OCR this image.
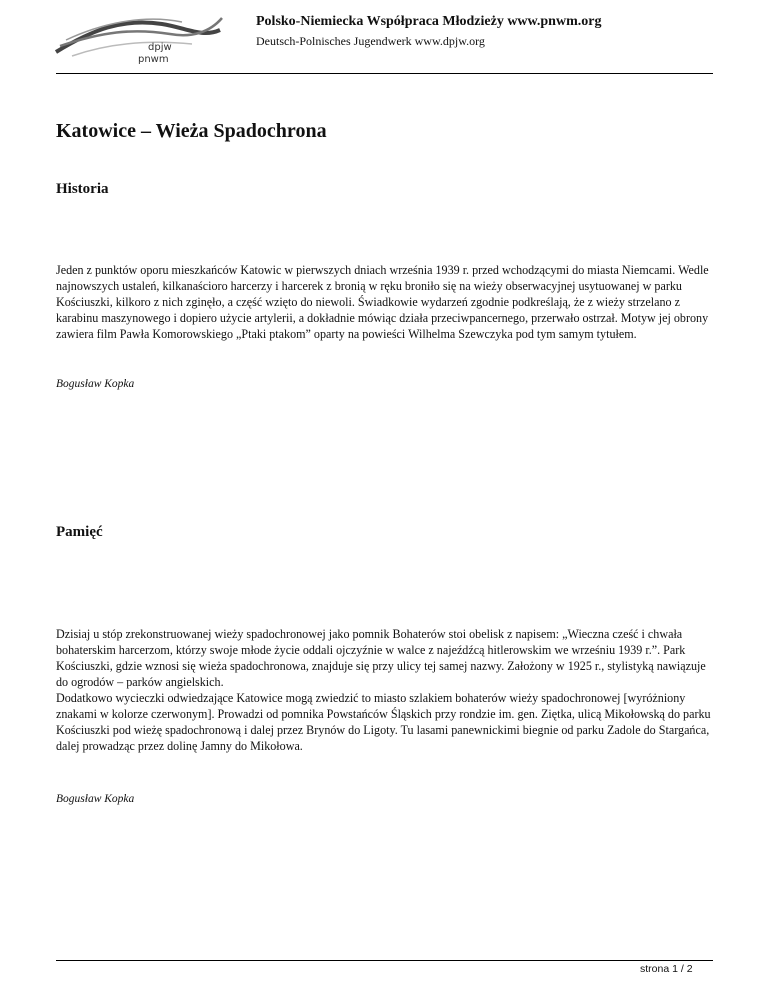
dpjw
pnwm
Polsko-Niemiecka Współpraca Młodzieży www.pnwm.org
Deutsch-Polnisches Jugendwerk www.dpjw.org
Katowice – Wieża Spadochrona
Historia
Jeden z punktów oporu mieszkańców Katowic w pierwszych dniach września 1939 r. przed wchodzącymi do miasta Niemcami. Wedle najnowszych ustaleń, kilkanaścioro harcerzy i harcerek z bronią w ręku broniło się na wieży obserwacyjnej usytuowanej w parku Kościuszki, kilkoro z nich zginęło, a część wzięto do niewoli. Świadkowie wydarzeń zgodnie podkreślają, że z wieży strzelano z karabinu maszynowego i dopiero użycie artylerii, a dokładnie mówiąc działa przeciwpancernego, przerwało ostrzał. Motyw jej obrony zawiera film Pawła Komorowskiego „Ptaki ptakom” oparty na powieści Wilhelma Szewczyka pod tym samym tytułem.
Bogusław Kopka
Pamięć
Dzisiaj u stóp zrekonstruowanej wieży spadochronowej jako pomnik Bohaterów stoi obelisk z napisem: „Wieczna cześć i chwała bohaterskim harcerzom, którzy swoje młode życie oddali ojczyźnie w walce z najeźdźcą hitlerowskim we wrześniu 1939 r.”. Park Kościuszki, gdzie wznosi się wieża spadochronowa, znajduje się przy ulicy tej samej nazwy. Założony w 1925 r., stylistyką nawiązuje do ogrodów – parków angielskich.
Dodatkowo wycieczki odwiedzające Katowice mogą zwiedzić to miasto szlakiem bohaterów wieży spadochronowej [wyróżniony znakami w kolorze czerwonym]. Prowadzi od pomnika Powstańców Śląskich przy rondzie im. gen. Ziętka, ulicą Mikołowską do parku Kościuszki pod wieżę spadochronową i dalej przez Brynów do Ligoty. Tu lasami panewnickimi biegnie od parku Zadole do Stargańca, dalej prowadząc przez dolinę Jamny do Mikołowa.
Bogusław Kopka
strona 1 / 2
